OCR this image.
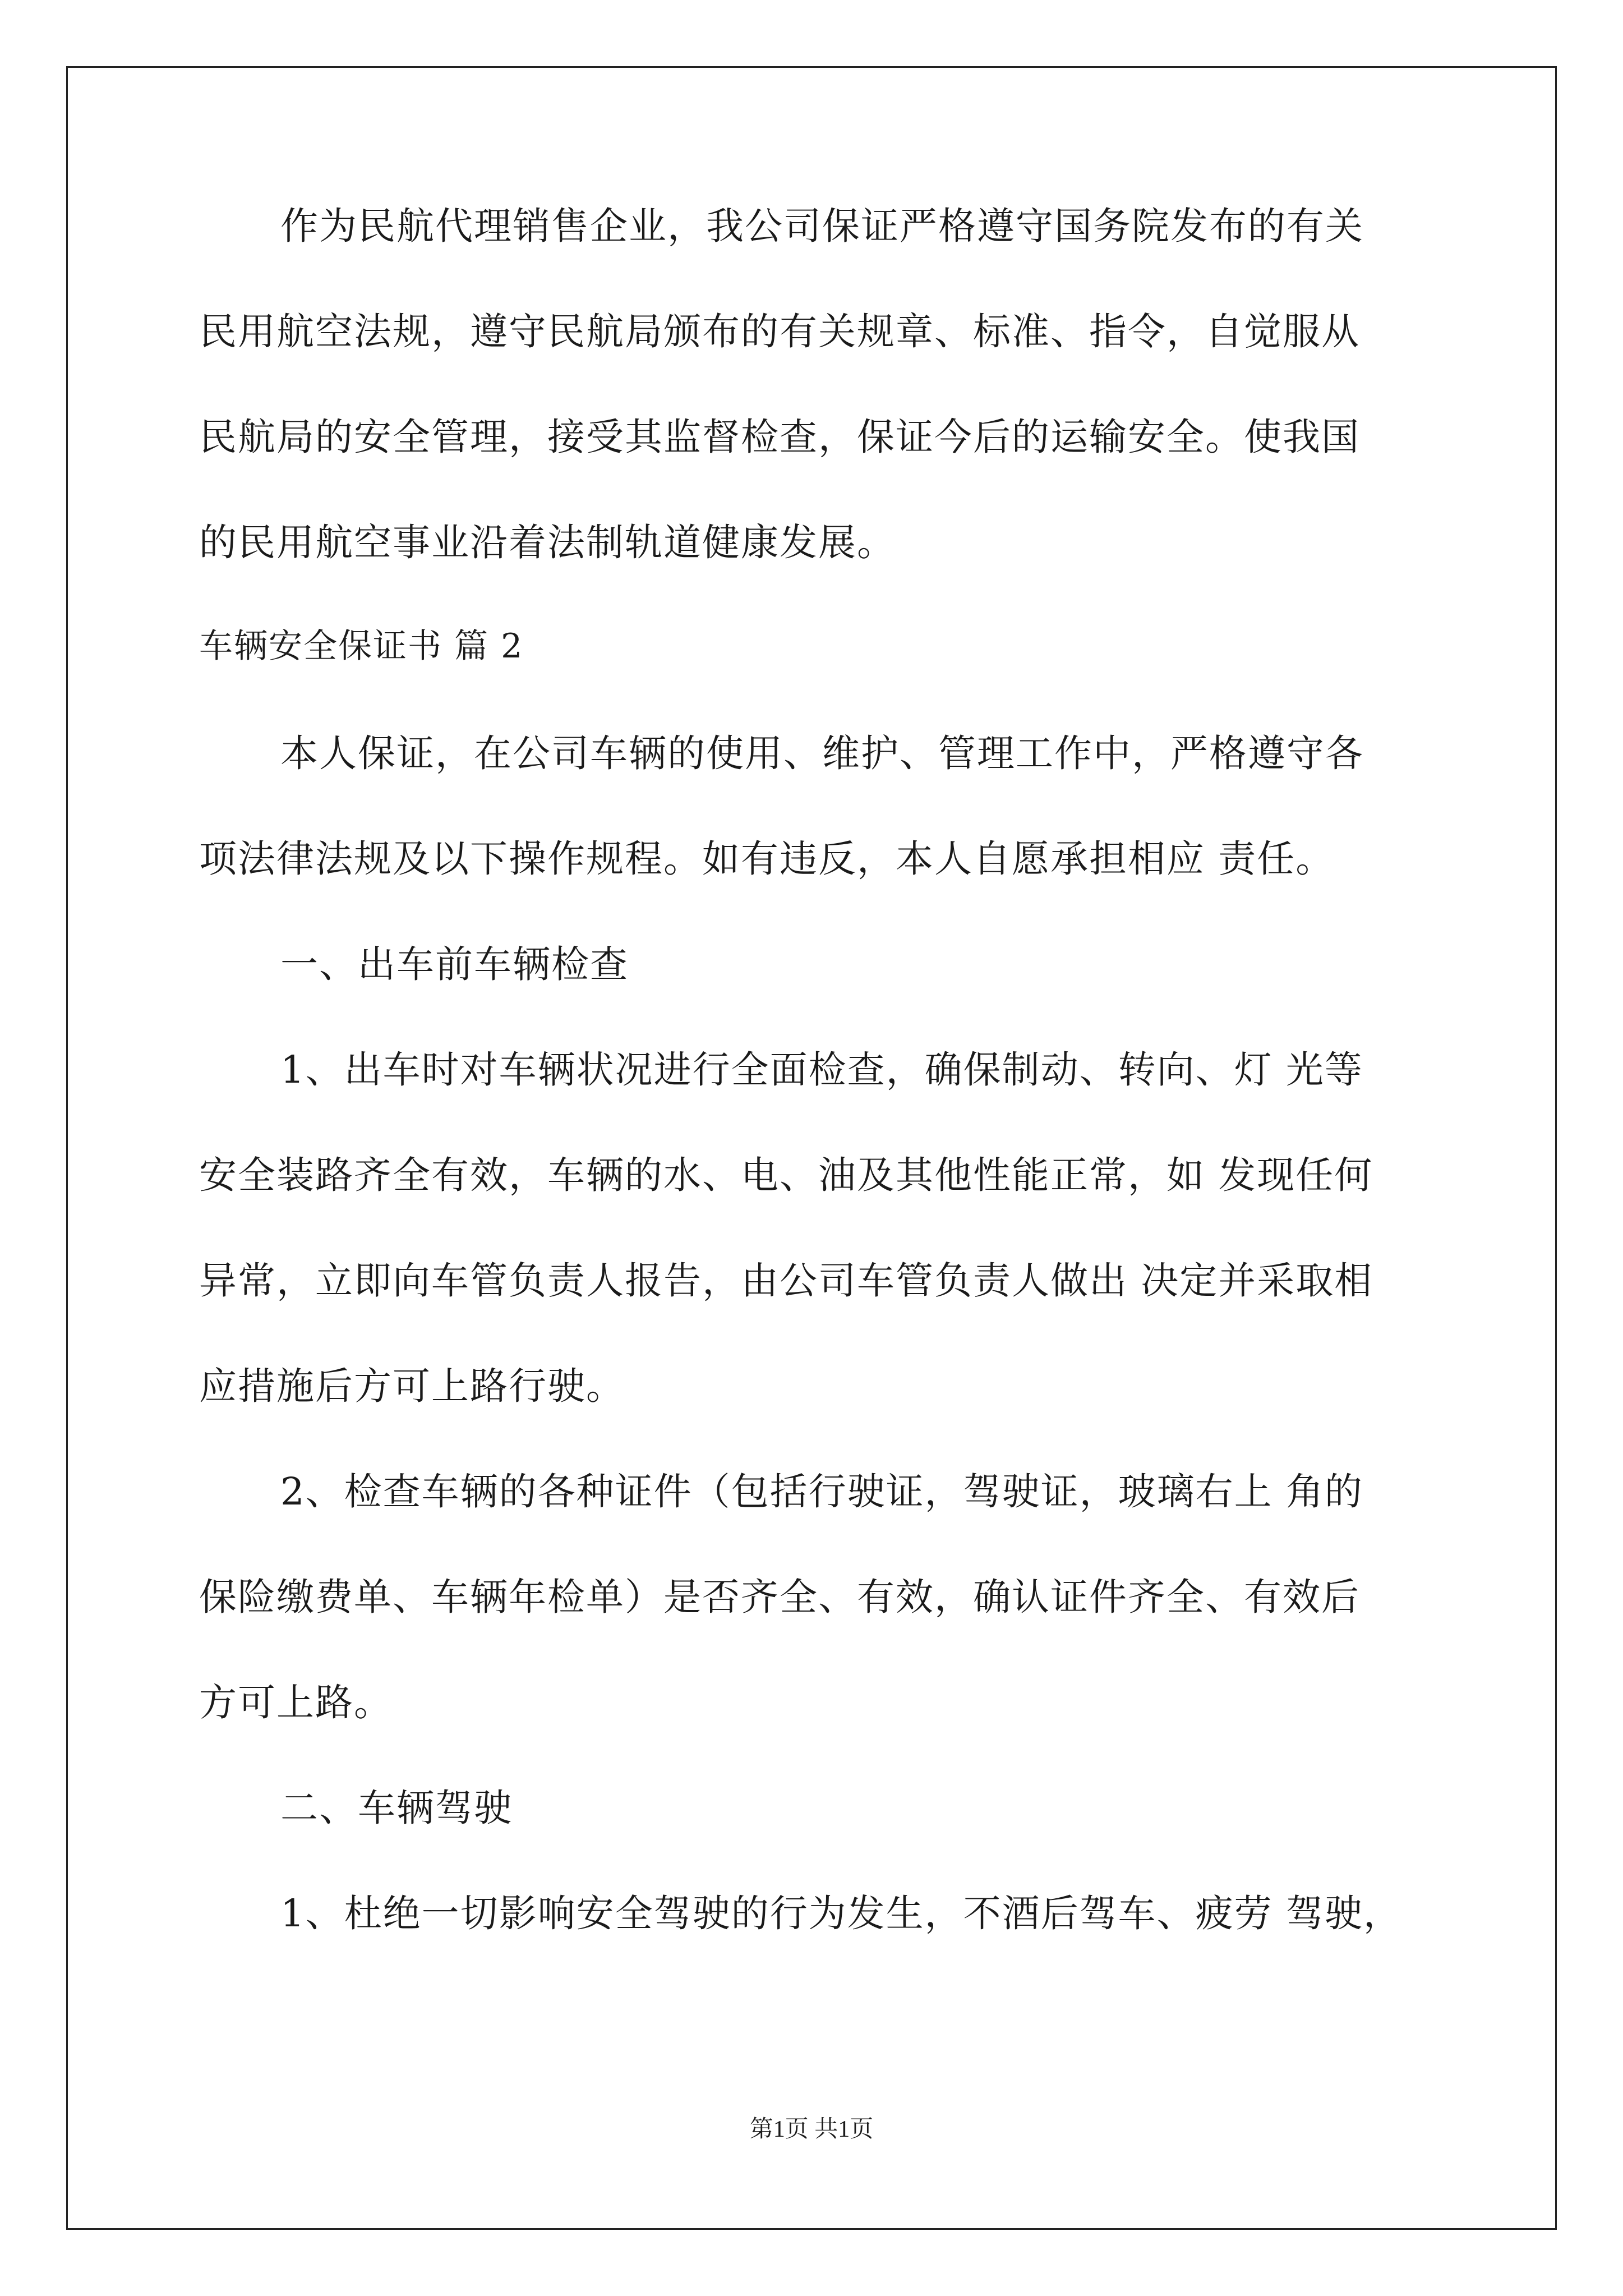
作为民航代理销售企业，我公司保证严格遵守国务院发布的有关
民用航空法规，遵守民航局颁布的有关规章、标准、指令，自觉服从
民航局的安全管理，接受其监督检查，保证今后的运输安全。使我国
的民用航空事业沿着法制轨道健康发展。
车辆安全保证书 篇 2
本人保证，在公司车辆的使用、维护、管理工作中，严格遵守各
项法律法规及以下操作规程。如有违反，本人自愿承担相应 责任。
一、出车前车辆检查
1、出车时对车辆状况进行全面检查，确保制动、转向、灯 光等
安全装路齐全有效，车辆的水、电、油及其他性能正常，如 发现任何
异常，立即向车管负责人报告，由公司车管负责人做出 决定并采取相
应措施后方可上路行驶。
2、检查车辆的各种证件（包括行驶证，驾驶证，玻璃右上 角的
保险缴费单、车辆年检单）是否齐全、有效，确认证件齐全、有效后
方可上路。
二、车辆驾驶
1、杜绝一切影响安全驾驶的行为发生，不酒后驾车、疲劳 驾驶，
第1页 共1页
